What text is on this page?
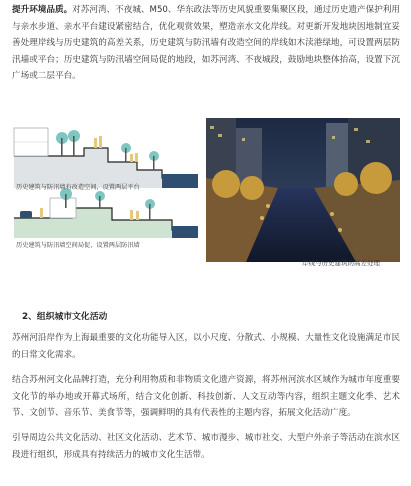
提升环境品质。对苏河湾、不夜城、M50、华东政法等历史风貌重要集聚区段，通过历史遗产保护利用与亲水步道、亲水平台建设紧密结合，优化观赏效果，塑造亲水文化岸线。对更新开发地块因地制宜妥善处理岸线与历史建筑的高差关系，历史建筑与防汛墙有改造空间的岸线如木渎港绿地，可设置两层防汛墙或平台；历史建筑与防汛墙空间局促的地段，如苏河湾、不夜城段，鼓励地块整体抬高，设置下沉广场或二层平台。
历史建筑与防汛墙有改造空间，设置两层平台
历史建筑与防汛墙空间局促，设置两层防汛墙
岸线与历史建筑的高差处理
2、组织城市文化活动
苏州河沿岸作为上海最重要的文化功能导入区，以小尺度、分散式、小规模、大量性文化设施满足市民的日常文化需求。
结合苏州河文化品牌打造，充分利用物质和非物质文化遗产资源，将苏州河滨水区域作为城市年度重要文化节的举办地或开幕式场所，结合文化创新、科技创新、人文互动等内容，组织主题文化季、艺术节、文创节、音乐节、美食节等，强调鲜明的具有代表性的主题内容，拓展文化活动广度。
引导周边公共文化活动、社区文化活动、艺术节、城市漫步、城市社交、大型户外亲子等活动在滨水区段进行组织，形成具有持续活力的城市文化生活带。
